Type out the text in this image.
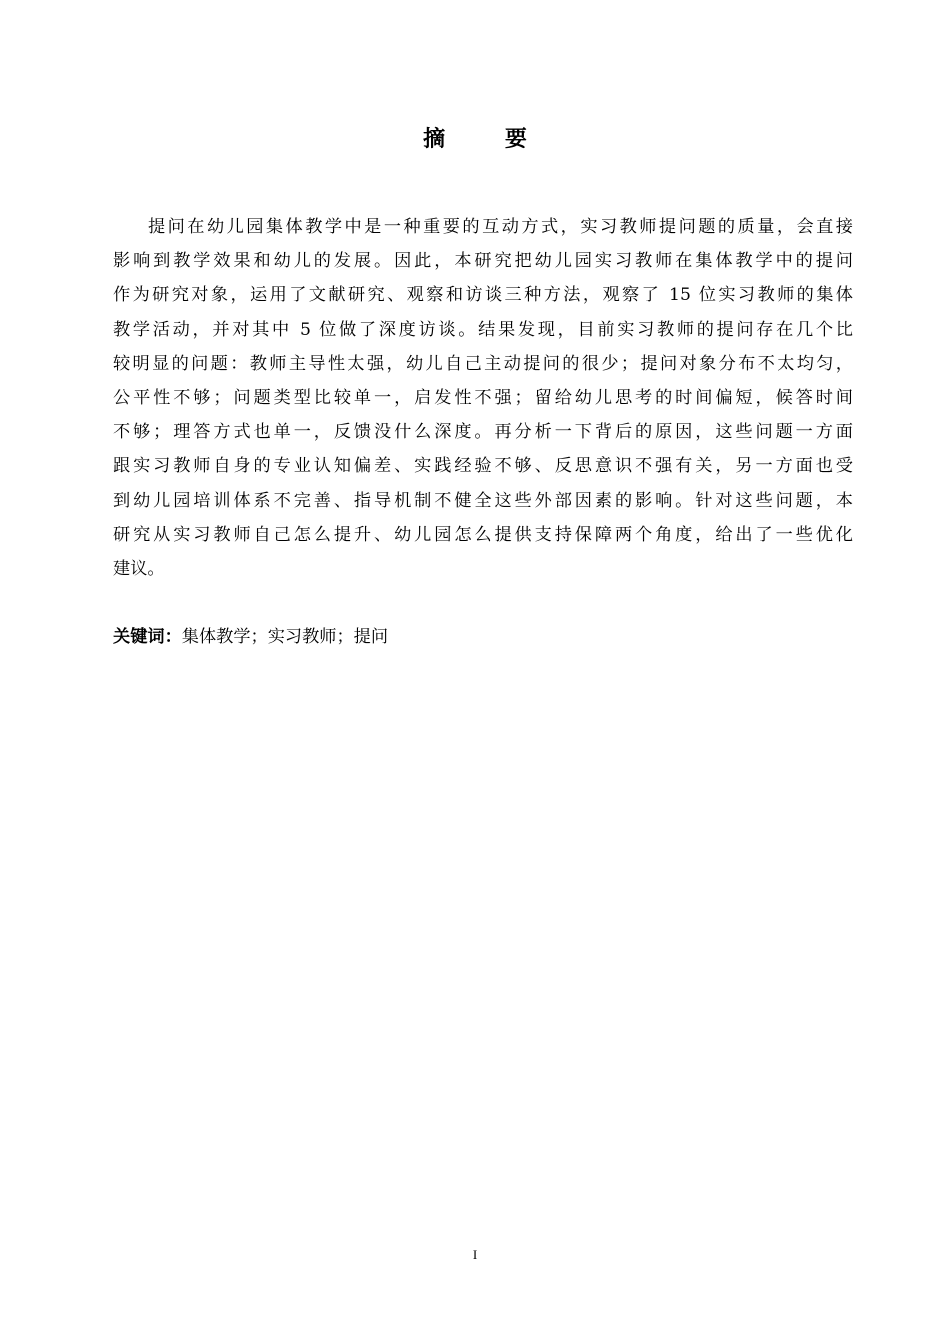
摘 要
提问在幼儿园集体教学中是一种重要的互动方式，实习教师提问题的质量，会直接
影响到教学效果和幼儿的发展。因此，本研究把幼儿园实习教师在集体教学中的提问
作为研究对象，运用了文献研究、观察和访谈三种方法，观察了 15 位实习教师的集体
教学活动，并对其中 5 位做了深度访谈。结果发现，目前实习教师的提问存在几个比
较明显的问题：教师主导性太强，幼儿自己主动提问的很少；提问对象分布不太均匀，
公平性不够；问题类型比较单一，启发性不强；留给幼儿思考的时间偏短，候答时间
不够；理答方式也单一，反馈没什么深度。再分析一下背后的原因，这些问题一方面
跟实习教师自身的专业认知偏差、实践经验不够、反思意识不强有关，另一方面也受
到幼儿园培训体系不完善、指导机制不健全这些外部因素的影响。针对这些问题，本
研究从实习教师自己怎么提升、幼儿园怎么提供支持保障两个角度，给出了一些优化
建议。
关键词：集体教学；实习教师；提问
I
